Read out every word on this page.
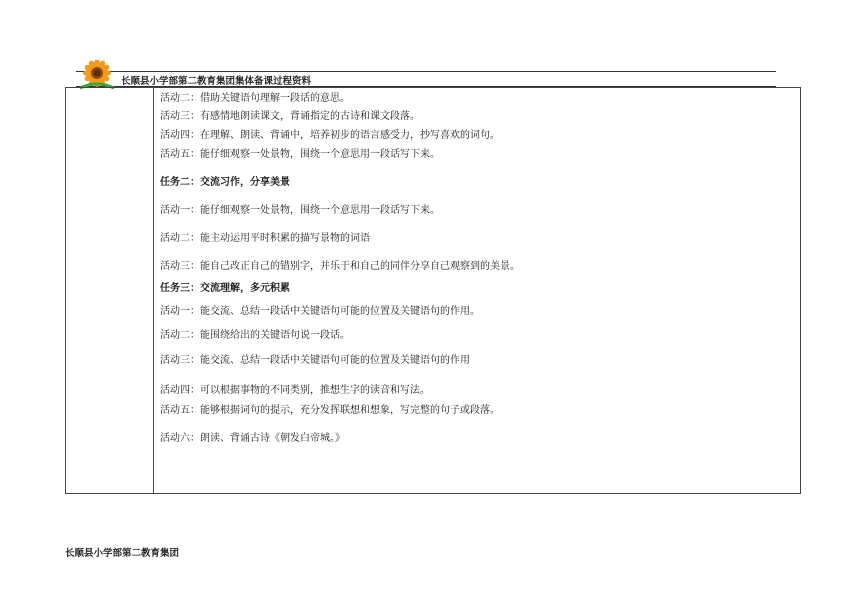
长顺县小学部第二教育集团集体备课过程资料
活动二：借助关键语句理解一段话的意思。
活动三：有感情地朗读课文，背诵指定的古诗和课文段落。
活动四：在理解、朗读、背诵中，培养初步的语言感受力，抄写喜欢的词句。
活动五：能仔细观察一处景物，围绕一个意思用一段话写下来。
任务二：交流习作，分享美景
活动一：能仔细观察一处景物，围绕一个意思用一段话写下来。
活动二：能主动运用平时积累的描写景物的词语
活动三：能自己改正自己的错别字，并乐于和自己的同伴分享自己观察到的美景。
任务三：交流理解，多元积累
活动一：能交流、总结一段话中关键语句可能的位置及关键语句的作用。
活动二：能围绕给出的关键语句说一段话。
活动三：能交流、总结一段话中关键语句可能的位置及关键语句的作用
活动四：可以根据事物的不同类别，推想生字的读音和写法。
活动五：能够根据词句的提示，充分发挥联想和想象，写完整的句子或段落。
活动六：朗读、背诵古诗《朝发白帝城。》
长顺县小学部第二教育集团
